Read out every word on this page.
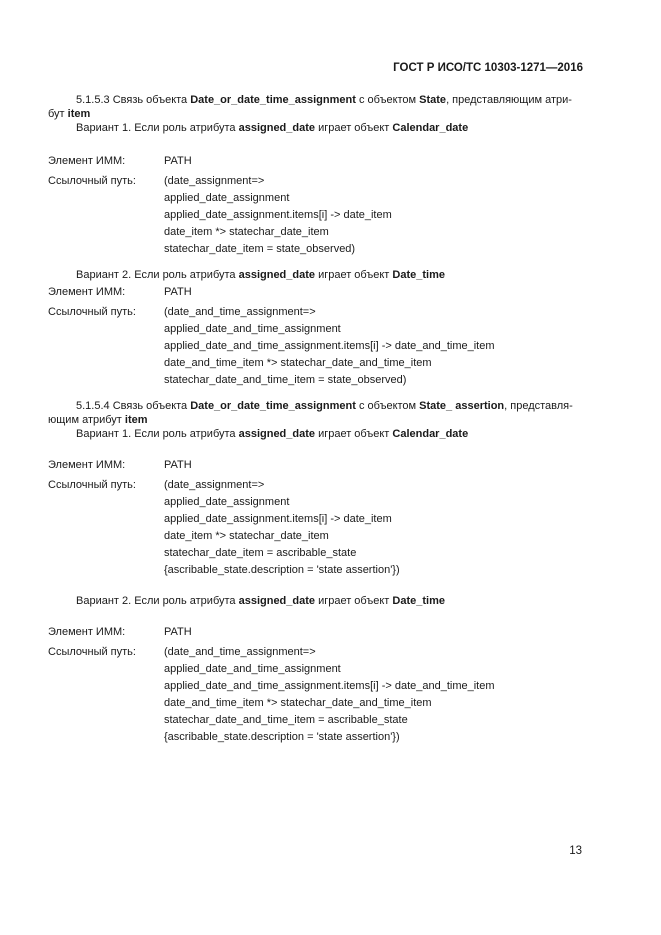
ГОСТ Р ИСО/ТС 10303-1271—2016

5.1.5.3 Связь объекта Date_or_date_time_assignment с объектом State, представляющим атри-
бут item

Вариант 1. Если роль атрибута assigned_date играет объект Calendar_date

Элемент ИММ:	PATH
Ссылочный путь:	(date_assignment=>
applied_date_assignment
applied_date_assignment.items[i] -> date_item
date_item *> statechar_date_item
statechar_date_item = state_observed)

Вариант 2. Если роль атрибута assigned_date играет объект Date_time

Элемент ИММ:	PATH
Ссылочный путь:	(date_and_time_assignment=>
applied_date_and_time_assignment
applied_date_and_time_assignment.items[i] -> date_and_time_item
date_and_time_item *> statechar_date_and_time_item
statechar_date_and_time_item = state_observed)

5.1.5.4 Связь объекта Date_or_date_time_assignment с объектом State_ assertion, представля-
ющим атрибут item

Вариант 1. Если роль атрибута assigned_date играет объект Calendar_date

Элемент ИММ:	PATH
Ссылочный путь:	(date_assignment=>
applied_date_assignment
applied_date_assignment.items[i] -> date_item
date_item *> statechar_date_item
statechar_date_item = ascribable_state
{ascribable_state.description = 'state assertion'})

Вариант 2. Если роль атрибута assigned_date играет объект Date_time

Элемент ИММ:	PATH
Ссылочный путь:	(date_and_time_assignment=>
applied_date_and_time_assignment
applied_date_and_time_assignment.items[i] -> date_and_time_item
date_and_time_item *> statechar_date_and_time_item
statechar_date_and_time_item = ascribable_state
{ascribable_state.description = 'state assertion'})
13
